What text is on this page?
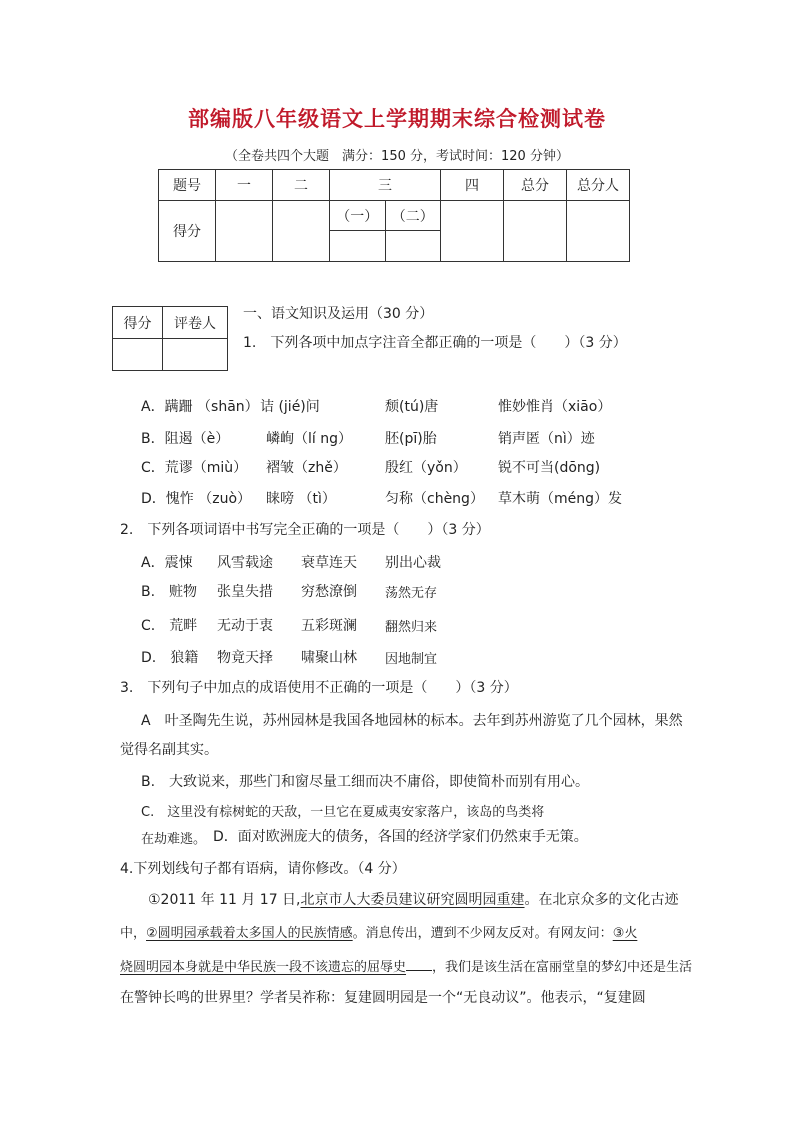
部编版八年级语文上学期期末综合检测试卷
（全卷共四个大题　满分：150 分，考试时间：120 分钟）
题号	一	二	三		四	总分	总分人
得分			（一）	（二）			

得分	评卷人

一、语文知识及运用（30 分）
1.　下列各项中加点字注音全都正确的一项是（　　）（3 分）
A．蹒跚 （shān） 诘 (jié)问	颓(tú)唐	惟妙惟肖（xiāo）
B．阻遏（è）	嶙峋（lí ng） 胚(pī)胎	销声匿（nì）迹
C．荒谬（miù） 褶皱（zhě）	殷红（yǒn） 锐不可当(dōng)
D．愧怍 （zuò） 睐嗙 （tì）	匀称（chèng） 草木萌（méng）发
2.　下列各项词语中书写完全正确的一项是（　　）（3 分）
A．震悚 风雪载途 衰草连天 别出心裁
B.　赃物 张皇失措 穷愁潦倒 荡然无存
C.　荒畔 无动于衷 五彩斑澜 翻然归来
D.　狼籍 物竟天择 啸聚山林 因地制宜
3.　下列句子中加点的成语使用不正确的一项是（　　）（3 分）
A　叶圣陶先生说，苏州园林是我国各地园林的标本。去年到苏州游览了几个园林，果然
觉得名副其实。
B.　大致说来，那些门和窗尽量工细而决不庸俗，即使简朴而别有用心。
C.　这里没有棕树蛇的天敌，一旦它在夏威夷安家落户，该岛的鸟类将
在劫难逃。 D．面对欧洲庞大的债务，各国的经济学家们仍然束手无策。
4.下列划线句子都有语病，请你修改。（4 分）
①2011 年 11 月 17 日,北京市人大委员建议研究圆明园重建。在北京众多的文化古迹
中，②圆明园承载着太多国人的民族情感。消息传出，遭到不少网友反对。有网友问：③火
烧圆明园本身就是中华民族一段不该遗忘的屈辱史 ，我们是该生活在富丽堂皇的梦幻中还是生活
在警钟长鸣的世界里？学者吴祚称：复建圆明园是一个“无良动议”。他表示，“复建圆
